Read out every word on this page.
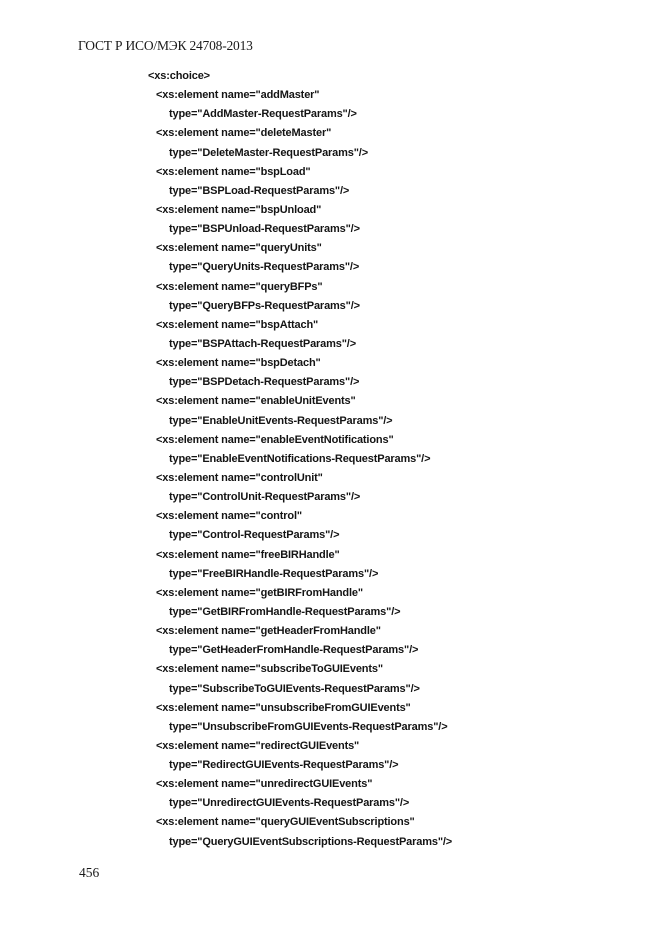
ГОСТ Р ИСО/МЭК 24708-2013
<xs:choice>
<xs:element name="addMaster"
type="AddMaster-RequestParams"/>
<xs:element name="deleteMaster"
type="DeleteMaster-RequestParams"/>
<xs:element name="bspLoad"
type="BSPLoad-RequestParams"/>
<xs:element name="bspUnload"
type="BSPUnload-RequestParams"/>
<xs:element name="queryUnits"
type="QueryUnits-RequestParams"/>
<xs:element name="queryBFPs"
type="QueryBFPs-RequestParams"/>
<xs:element name="bspAttach"
type="BSPAttach-RequestParams"/>
<xs:element name="bspDetach"
type="BSPDetach-RequestParams"/>
<xs:element name="enableUnitEvents"
type="EnableUnitEvents-RequestParams"/>
<xs:element name="enableEventNotifications"
type="EnableEventNotifications-RequestParams"/>
<xs:element name="controlUnit"
type="ControlUnit-RequestParams"/>
<xs:element name="control"
type="Control-RequestParams"/>
<xs:element name="freeBIRHandle"
type="FreeBIRHandle-RequestParams"/>
<xs:element name="getBIRFromHandle"
type="GetBIRFromHandle-RequestParams"/>
<xs:element name="getHeaderFromHandle"
type="GetHeaderFromHandle-RequestParams"/>
<xs:element name="subscribeToGUIEvents"
type="SubscribeToGUIEvents-RequestParams"/>
<xs:element name="unsubscribeFromGUIEvents"
type="UnsubscribeFromGUIEvents-RequestParams"/>
<xs:element name="redirectGUIEvents"
type="RedirectGUIEvents-RequestParams"/>
<xs:element name="unredirectGUIEvents"
type="UnredirectGUIEvents-RequestParams"/>
<xs:element name="queryGUIEventSubscriptions"
type="QueryGUIEventSubscriptions-RequestParams"/>
456
